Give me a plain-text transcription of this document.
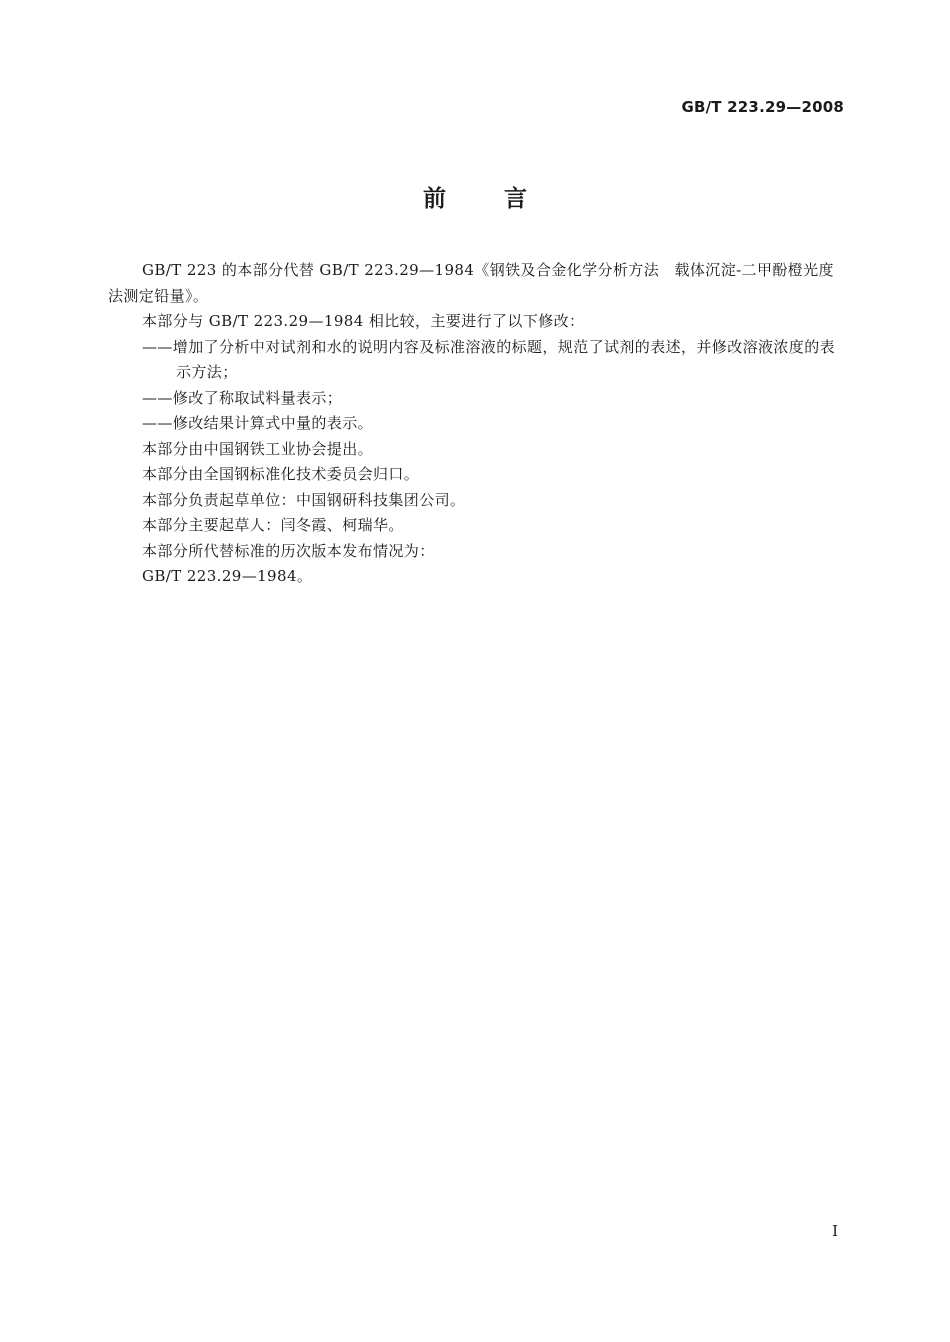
GB/T 223.29—2008
前	言

GB/T 223 的本部分代替 GB/T 223.29—1984《钢铁及合金化学分析方法　载体沉淀-二甲酚橙光度法测定铅量》。

本部分与 GB/T 223.29—1984 相比较，主要进行了以下修改：

——增加了分析中对试剂和水的说明内容及标准溶液的标题，规范了试剂的表述，并修改溶液浓度的表示方法；

——修改了称取试料量表示；

——修改结果计算式中量的表示。

本部分由中国钢铁工业协会提出。

本部分由全国钢标准化技术委员会归口。

本部分负责起草单位：中国钢研科技集团公司。

本部分主要起草人：闫冬霞、柯瑞华。

本部分所代替标准的历次版本发布情况为：

GB/T 223.29—1984。

I
